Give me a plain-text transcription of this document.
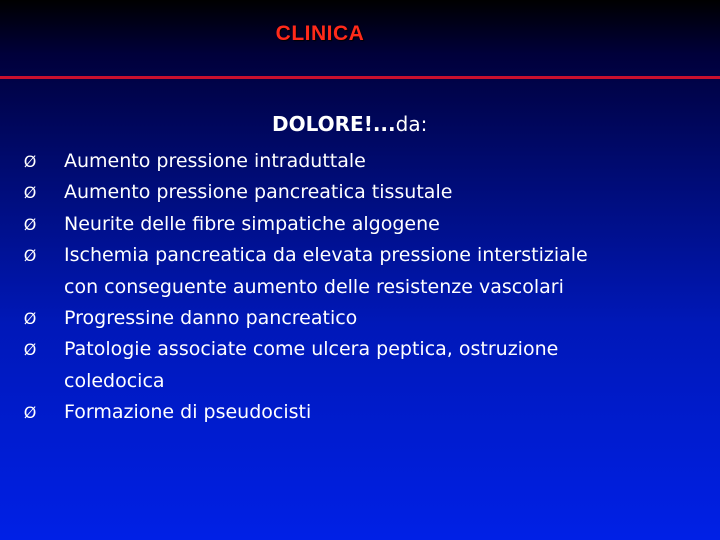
CLINICA
DOLORE!...da:
Ø Aumento pressione intraduttale
Ø Aumento pressione pancreatica tissutale
Ø Neurite delle fibre simpatiche algogene
Ø Ischemia pancreatica da elevata pressione interstiziale
con conseguente aumento delle resistenze vascolari
Ø Progressine danno pancreatico
Ø Patologie associate come ulcera peptica, ostruzione
coledocica
Ø Formazione di pseudocisti
